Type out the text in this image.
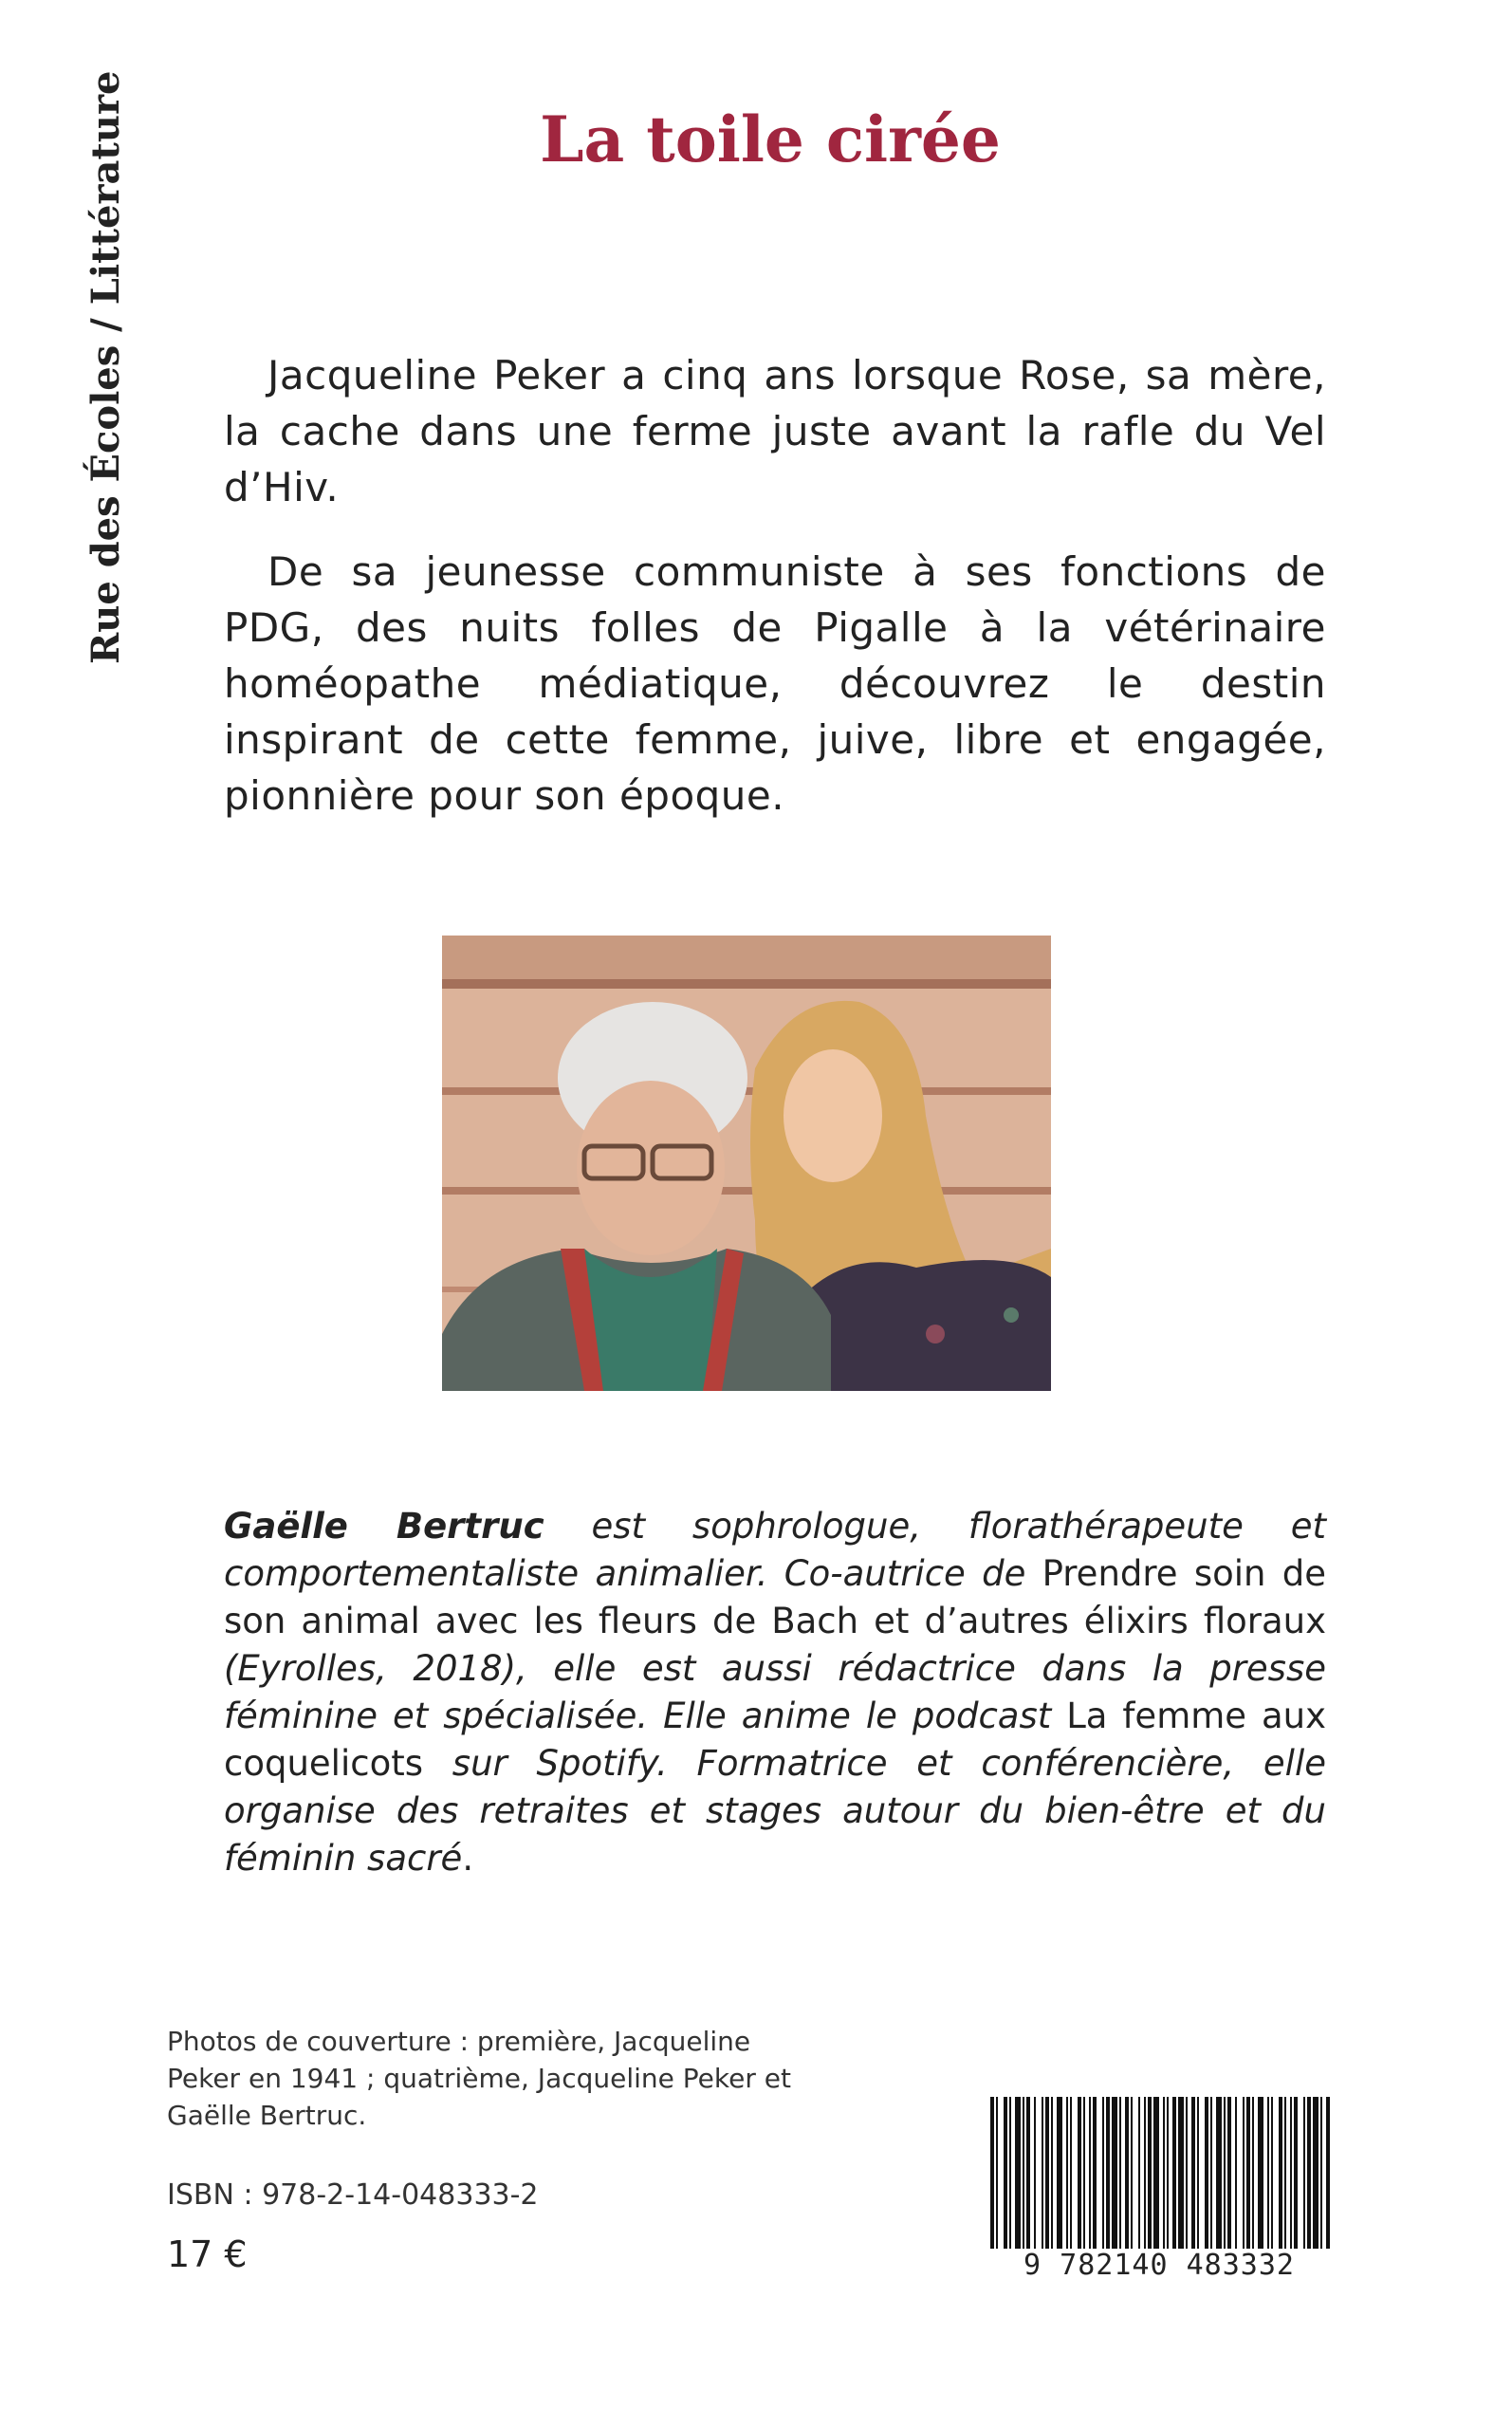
Rue des Écoles / Littérature	La toile cirée

Jacqueline Peker a cinq ans lorsque Rose, sa mère, la cache dans une ferme juste avant la rafle du Vel d’Hiv.

De sa jeunesse communiste à ses fonctions de PDG, des nuits folles de Pigalle à la vétérinaire homéopathe médiatique, découvrez le destin inspirant de cette femme, juive, libre et engagée, pionnière pour son époque.

Gaëlle Bertruc est sophrologue, florathérapeute et comportementaliste animalier. Co-autrice de Prendre soin de son animal avec les fleurs de Bach et d’autres élixirs floraux (Eyrolles, 2018), elle est aussi rédactrice dans la presse féminine et spécialisée. Elle anime le podcast La femme aux coquelicots sur Spotify. Formatrice et conférencière, elle organise des retraites et stages autour du bien-être et du féminin sacré.

Photos de couverture : première, Jacqueline Peker en 1941 ; quatrième, Jacqueline Peker et Gaëlle Bertruc.

ISBN : 978-2-14-048333-2
17 €	9 782140 483332
